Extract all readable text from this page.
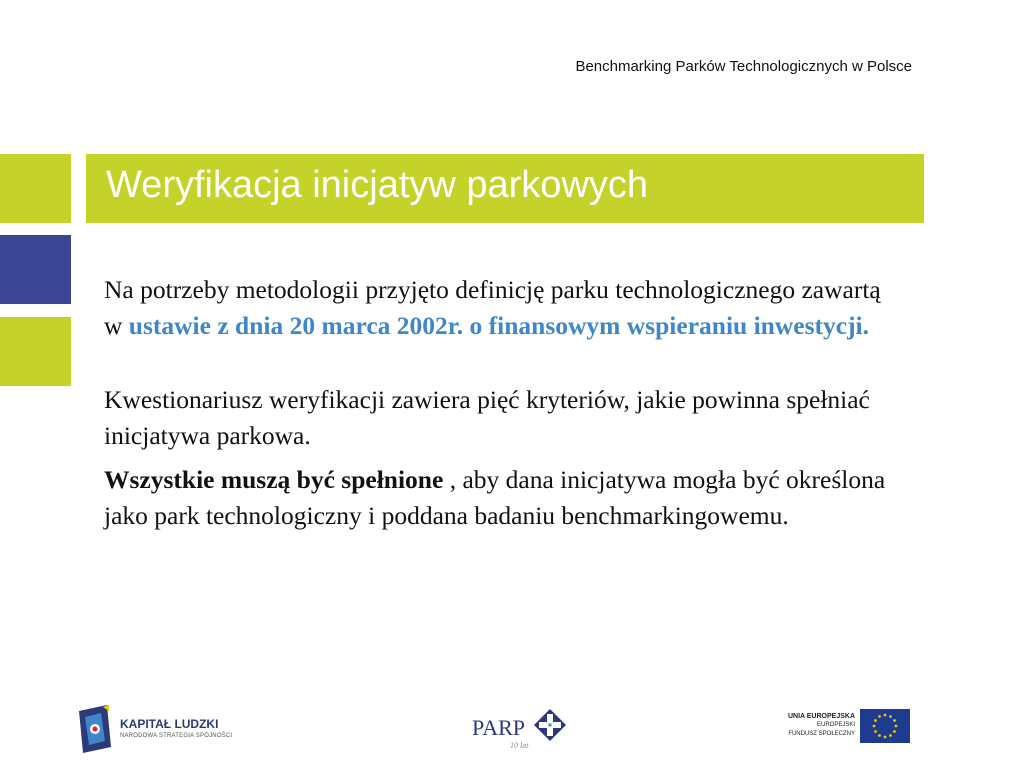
Benchmarking Parków Technologicznych w Polsce
Weryfikacja inicjatyw parkowych

Na potrzeby metodologii przyjęto definicję parku technologicznego zawartą w ustawie z dnia 20 marca 2002r. o finansowym wspieraniu inwestycji.

Kwestionariusz weryfikacji zawiera pięć kryteriów, jakie powinna spełniać inicjatywa parkowa.

Wszystkie muszą być spełnione , aby dana inicjatywa mogła być określona jako park technologiczny i poddana badaniu benchmarkingowemu.

KAPITAŁ LUDZKI
NARODOWA STRATEGIA SPÓJNOŚCI	PARP
10 lat
UNIA EUROPEJSKA
EUROPEJSKI
FUNDUSZ SPOŁECZNY
